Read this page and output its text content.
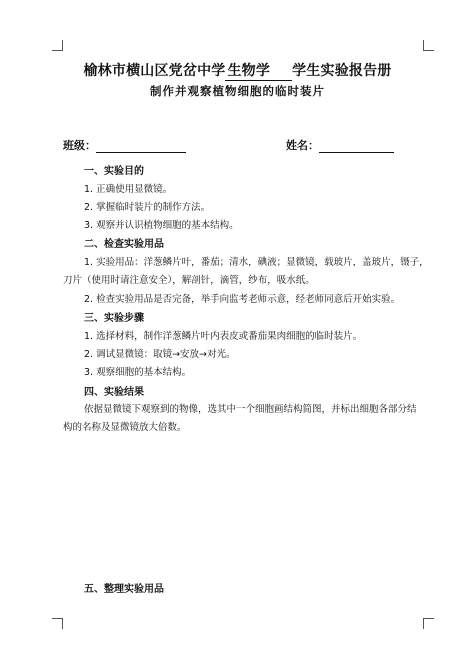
榆林市横山区党岔中学 生物学 学生实验报告册
制作并观察植物细胞的临时装片
班级：	姓名：
一、实验目的
1. 正确使用显微镜。
2. 掌握临时装片的制作方法。
3. 观察并认识植物细胞的基本结构。
二、检查实验用品
1. 实验用品：洋葱鳞片叶，番茄；清水，碘液；显微镜，载玻片，盖玻片，镊子，
刀片（使用时请注意安全），解剖针，滴管，纱布，吸水纸。
2. 检查实验用品是否完备，举手向监考老师示意，经老师同意后开始实验。
三、实验步骤
1. 选择材料，制作洋葱鳞片叶内表皮或番茄果肉细胞的临时装片。
2. 调试显微镜：取镜→安放→对光。
3. 观察细胞的基本结构。
四、实验结果
依据显微镜下观察到的物像，选其中一个细胞画结构简图，并标出细胞各部分结
构的名称及显微镜放大倍数。
五、整理实验用品
